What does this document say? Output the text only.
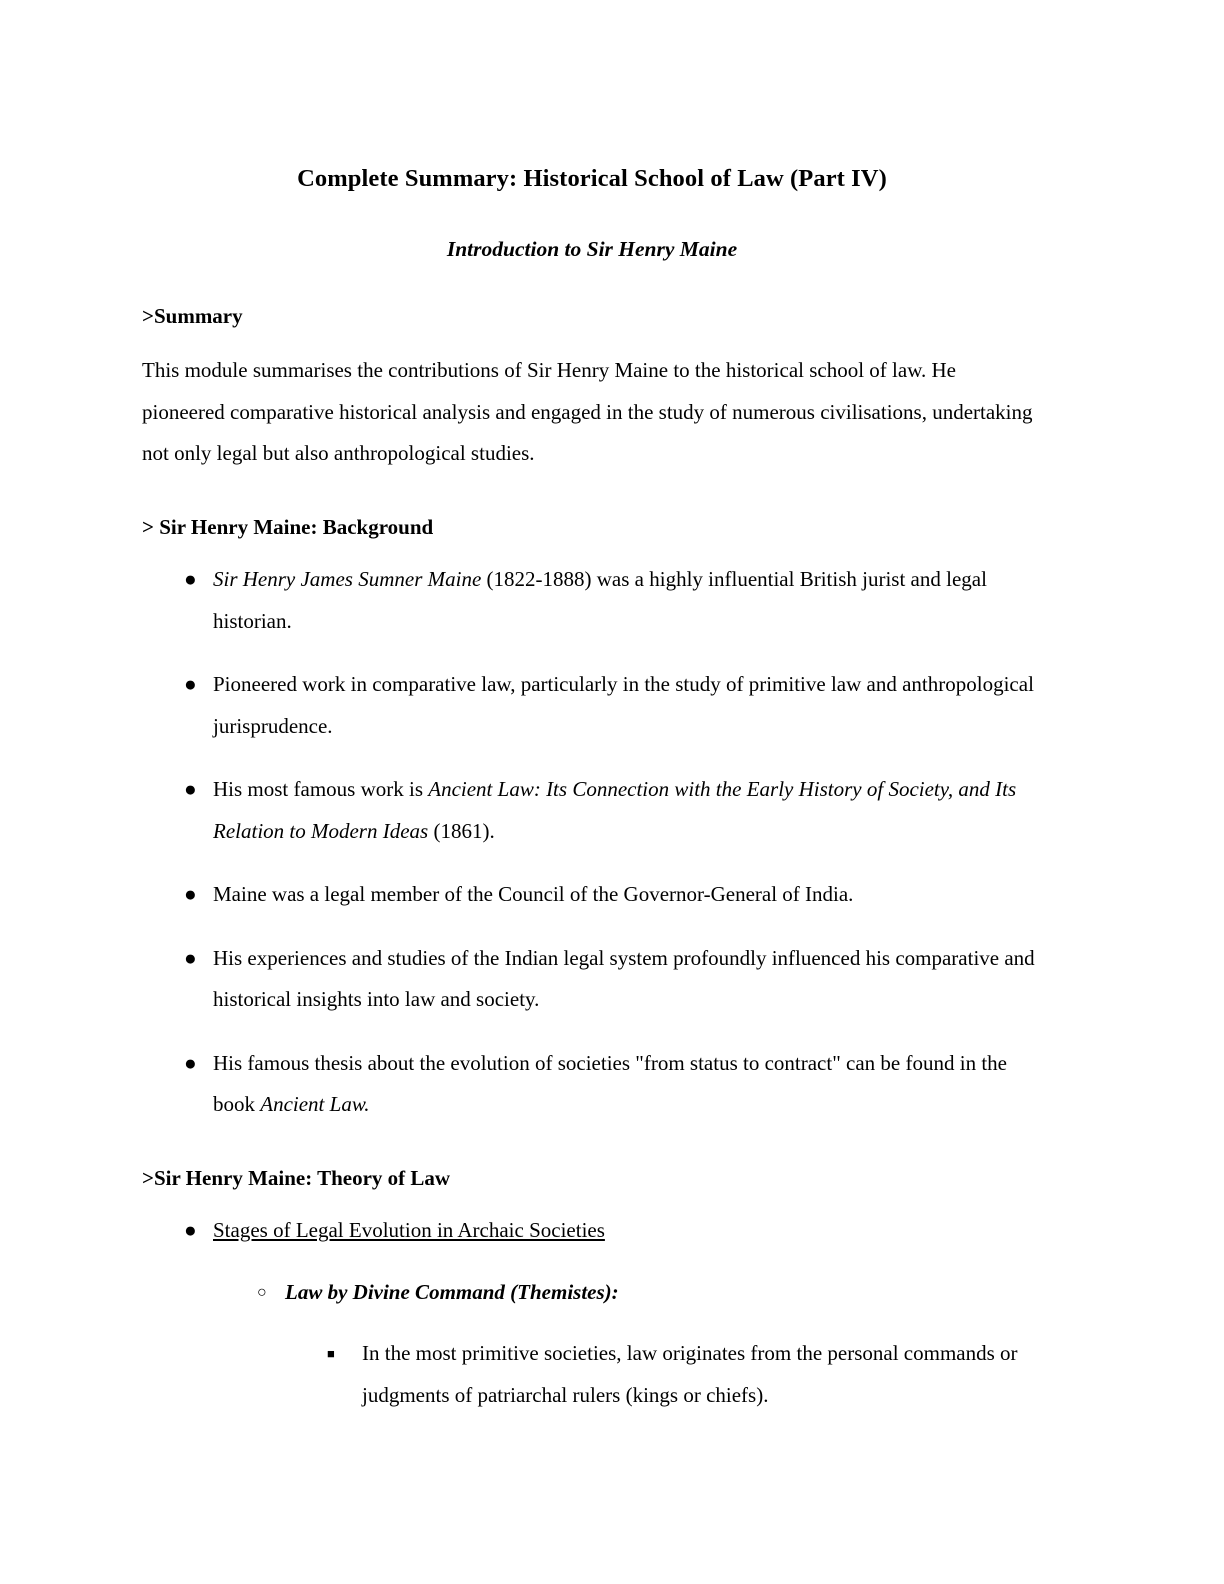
Complete Summary: Historical School of Law (Part IV)
Introduction to Sir Henry Maine
>Summary

This module summarises the contributions of Sir Henry Maine to the historical school of law. He pioneered comparative historical analysis and engaged in the study of numerous civilisations, undertaking not only legal but also anthropological studies.

> Sir Henry Maine: Background
● Sir Henry James Sumner Maine (1822-1888) was a highly influential British jurist and legal historian.
● Pioneered work in comparative law, particularly in the study of primitive law and anthropological jurisprudence.
● His most famous work is Ancient Law: Its Connection with the Early History of Society, and Its Relation to Modern Ideas (1861).
● Maine was a legal member of the Council of the Governor-General of India.
● His experiences and studies of the Indian legal system profoundly influenced his comparative and historical insights into law and society.
● His famous thesis about the evolution of societies "from status to contract" can be found in the book Ancient Law.
>Sir Henry Maine: Theory of Law
● Stages of Legal Evolution in Archaic Societies
○ Law by Divine Command (Themistes):
■ In the most primitive societies, law originates from the personal commands or judgments of patriarchal rulers (kings or chiefs).
